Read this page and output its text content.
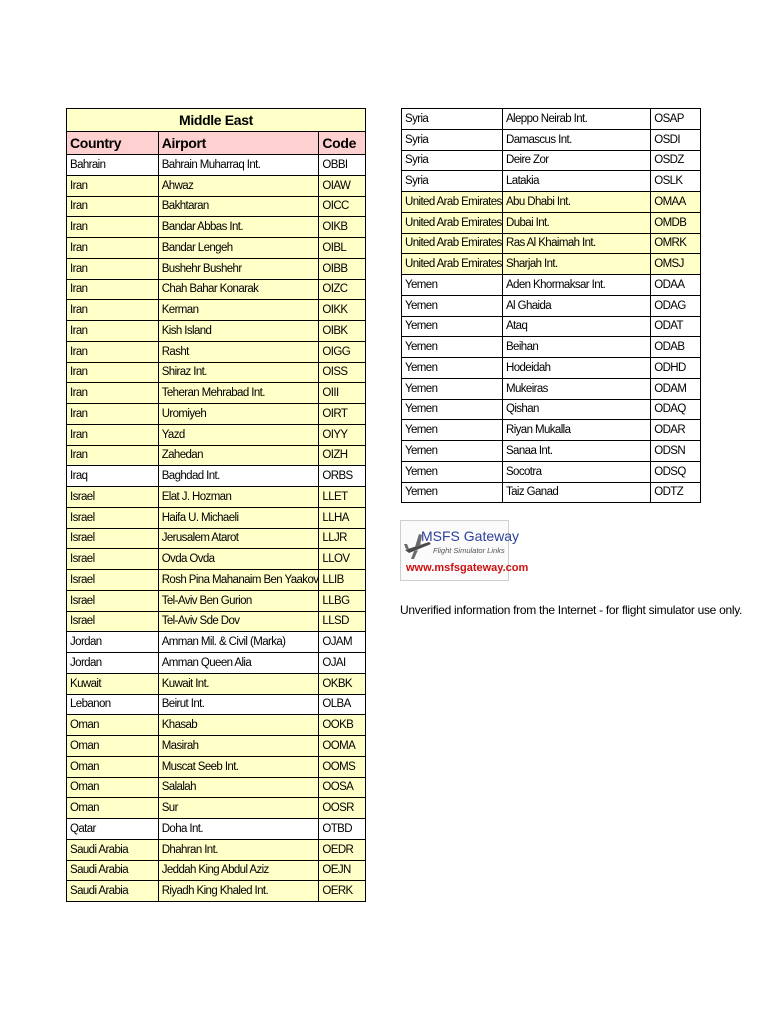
Middle East		
Country	Airport	Code
Bahrain	Bahrain Muharraq Int.	OBBI
Iran	Ahwaz	OIAW
Iran	Bakhtaran	OICC
Iran	Bandar Abbas Int.	OIKB
Iran	Bandar Lengeh	OIBL
Iran	Bushehr Bushehr	OIBB
Iran	Chah Bahar Konarak	OIZC
Iran	Kerman	OIKK
Iran	Kish Island	OIBK
Iran	Rasht	OIGG
Iran	Shiraz Int.	OISS
Iran	Teheran Mehrabad Int.	OIII
Iran	Uromiyeh	OIRT
Iran	Yazd	OIYY
Iran	Zahedan	OIZH
Iraq	Baghdad Int.	ORBS
Israel	Elat J. Hozman	LLET
Israel	Haifa U. Michaeli	LLHA
Israel	Jerusalem Atarot	LLJR
Israel	Ovda Ovda	LLOV
Israel	Rosh Pina Mahanaim Ben Yaakov	LLIB
Israel	Tel-Aviv Ben Gurion	LLBG
Israel	Tel-Aviv Sde Dov	LLSD
Jordan	Amman Mil. & Civil (Marka)	OJAM
Jordan	Amman Queen Alia	OJAI
Kuwait	Kuwait Int.	OKBK
Lebanon	Beirut Int.	OLBA
Oman	Khasab	OOKB
Oman	Masirah	OOMA
Oman	Muscat Seeb Int.	OOMS
Oman	Salalah	OOSA
Oman	Sur	OOSR
Qatar	Doha Int.	OTBD
Saudi Arabia	Dhahran Int.	OEDR
Saudi Arabia	Jeddah King Abdul Aziz	OEJN
Saudi Arabia	Riyadh King Khaled Int.	OERK
Syria	Aleppo Neirab Int.	OSAP
Syria	Damascus Int.	OSDI
Syria	Deire Zor	OSDZ
Syria	Latakia	OSLK
United Arab Emirates	Abu Dhabi Int.	OMAA
United Arab Emirates	Dubai Int.	OMDB
United Arab Emirates	Ras Al Khaimah Int.	OMRK
United Arab Emirates	Sharjah Int.	OMSJ
Yemen	Aden Khormaksar Int.	ODAA
Yemen	Al Ghaida	ODAG
Yemen	Ataq	ODAT
Yemen	Beihan	ODAB
Yemen	Hodeidah	ODHD
Yemen	Mukeiras	ODAM
Yemen	Qishan	ODAQ
Yemen	Riyan Mukalla	ODAR
Yemen	Sanaa Int.	ODSN
Yemen	Socotra	ODSQ
Yemen	Taiz Ganad	ODTZ
MSFS Gateway
Flight Simulator Links
www.msfsgateway.com
Unverified information from the Internet - for flight simulator use only.
